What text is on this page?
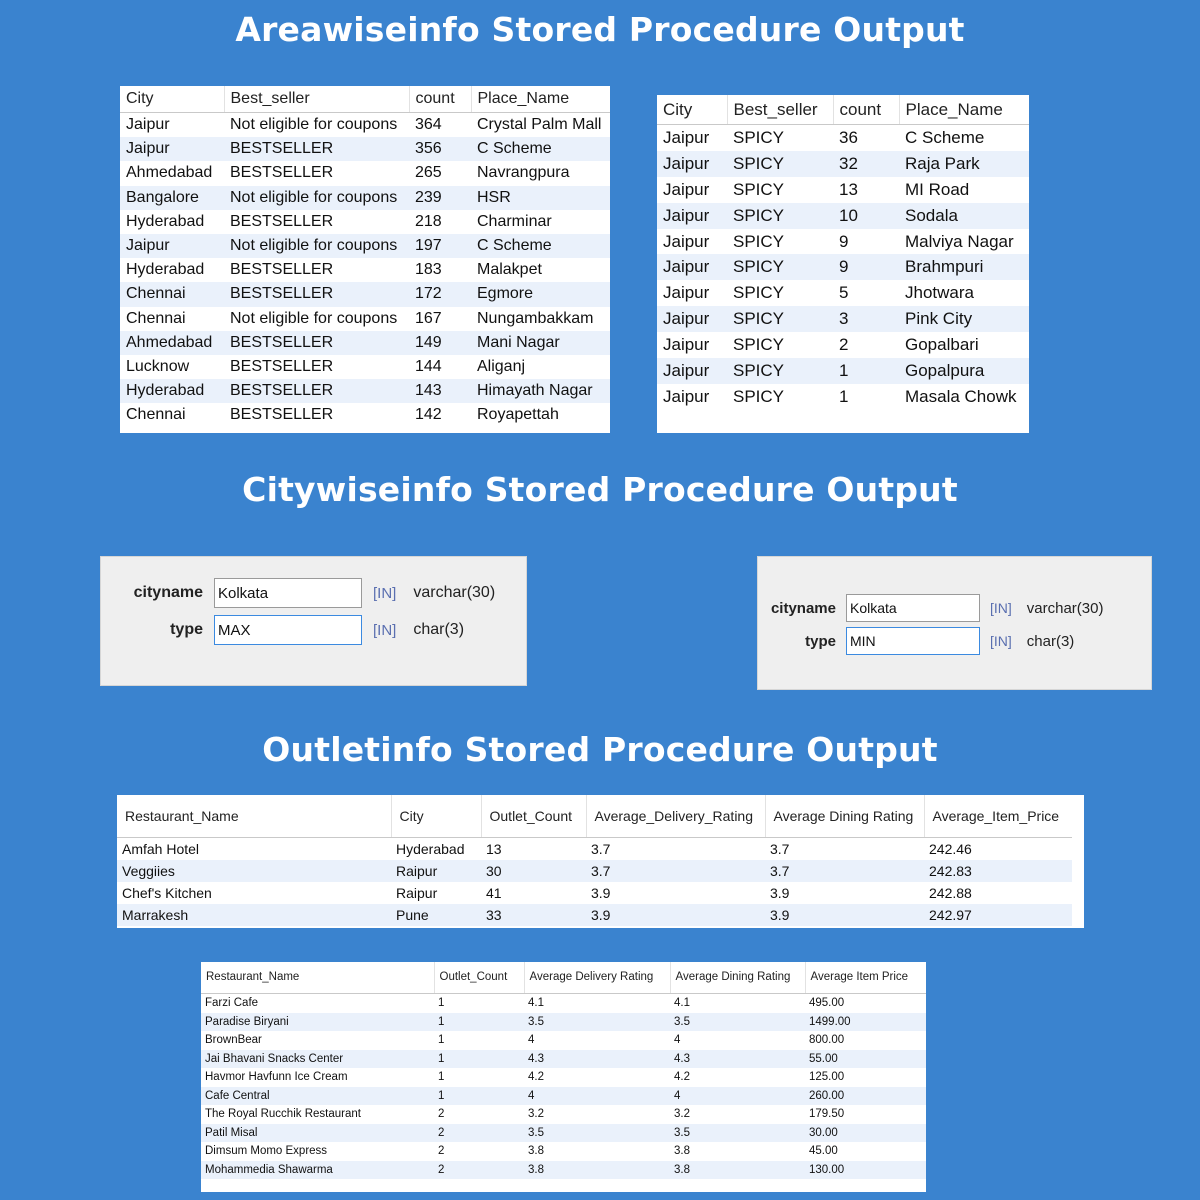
Areawiseinfo Stored Procedure Output
Citywiseinfo Stored Procedure Output
Outletinfo Stored Procedure Output
City	Best_seller	count	Place_Name
Jaipur	Not eligible for coupons	364	Crystal Palm Mall
Jaipur	BESTSELLER	356	C Scheme
Ahmedabad	BESTSELLER	265	Navrangpura
Bangalore	Not eligible for coupons	239	HSR
Hyderabad	BESTSELLER	218	Charminar
Jaipur	Not eligible for coupons	197	C Scheme
Hyderabad	BESTSELLER	183	Malakpet
Chennai	BESTSELLER	172	Egmore
Chennai	Not eligible for coupons	167	Nungambakkam
Ahmedabad	BESTSELLER	149	Mani Nagar
Lucknow	BESTSELLER	144	Aliganj
Hyderabad	BESTSELLER	143	Himayath Nagar
Chennai	BESTSELLER	142	Royapettah
City	Best_seller	count	Place_Name
Jaipur	SPICY	36	C Scheme
Jaipur	SPICY	32	Raja Park
Jaipur	SPICY	13	MI Road
Jaipur	SPICY	10	Sodala
Jaipur	SPICY	9	Malviya Nagar
Jaipur	SPICY	9	Brahmpuri
Jaipur	SPICY	5	Jhotwara
Jaipur	SPICY	3	Pink City
Jaipur	SPICY	2	Gopalbari
Jaipur	SPICY	1	Gopalpura
Jaipur	SPICY	1	Masala Chowk
cityname Kolkata	[IN] varchar(30)
type MAX	[IN] char(3)
cityname Kolkata	[IN] varchar(30)
type MIN	[IN] char(3)
Restaurant_Name	City	Outlet_Count	Average_Delivery_Rating	Average Dining Rating	Average_Item_Price
Amfah Hotel	Hyderabad	13	3.7	3.7	242.46
Veggiies	Raipur	30	3.7	3.7	242.83
Chef's Kitchen	Raipur	41	3.9	3.9	242.88
Marrakesh	Pune	33	3.9	3.9	242.97
Restaurant_Name	Outlet_Count	Average Delivery Rating	Average Dining Rating	Average Item Price
Farzi Cafe	1	4.1	4.1	495.00
Paradise Biryani	1	3.5	3.5	1499.00
BrownBear	1	4	4	800.00
Jai Bhavani Snacks Center	1	4.3	4.3	55.00
Havmor Havfunn Ice Cream	1	4.2	4.2	125.00
Cafe Central	1	4	4	260.00
The Royal Rucchik Restaurant	2	3.2	3.2	179.50
Patil Misal	2	3.5	3.5	30.00
Dimsum Momo Express	2	3.8	3.8	45.00
Mohammedia Shawarma	2	3.8	3.8	130.00
